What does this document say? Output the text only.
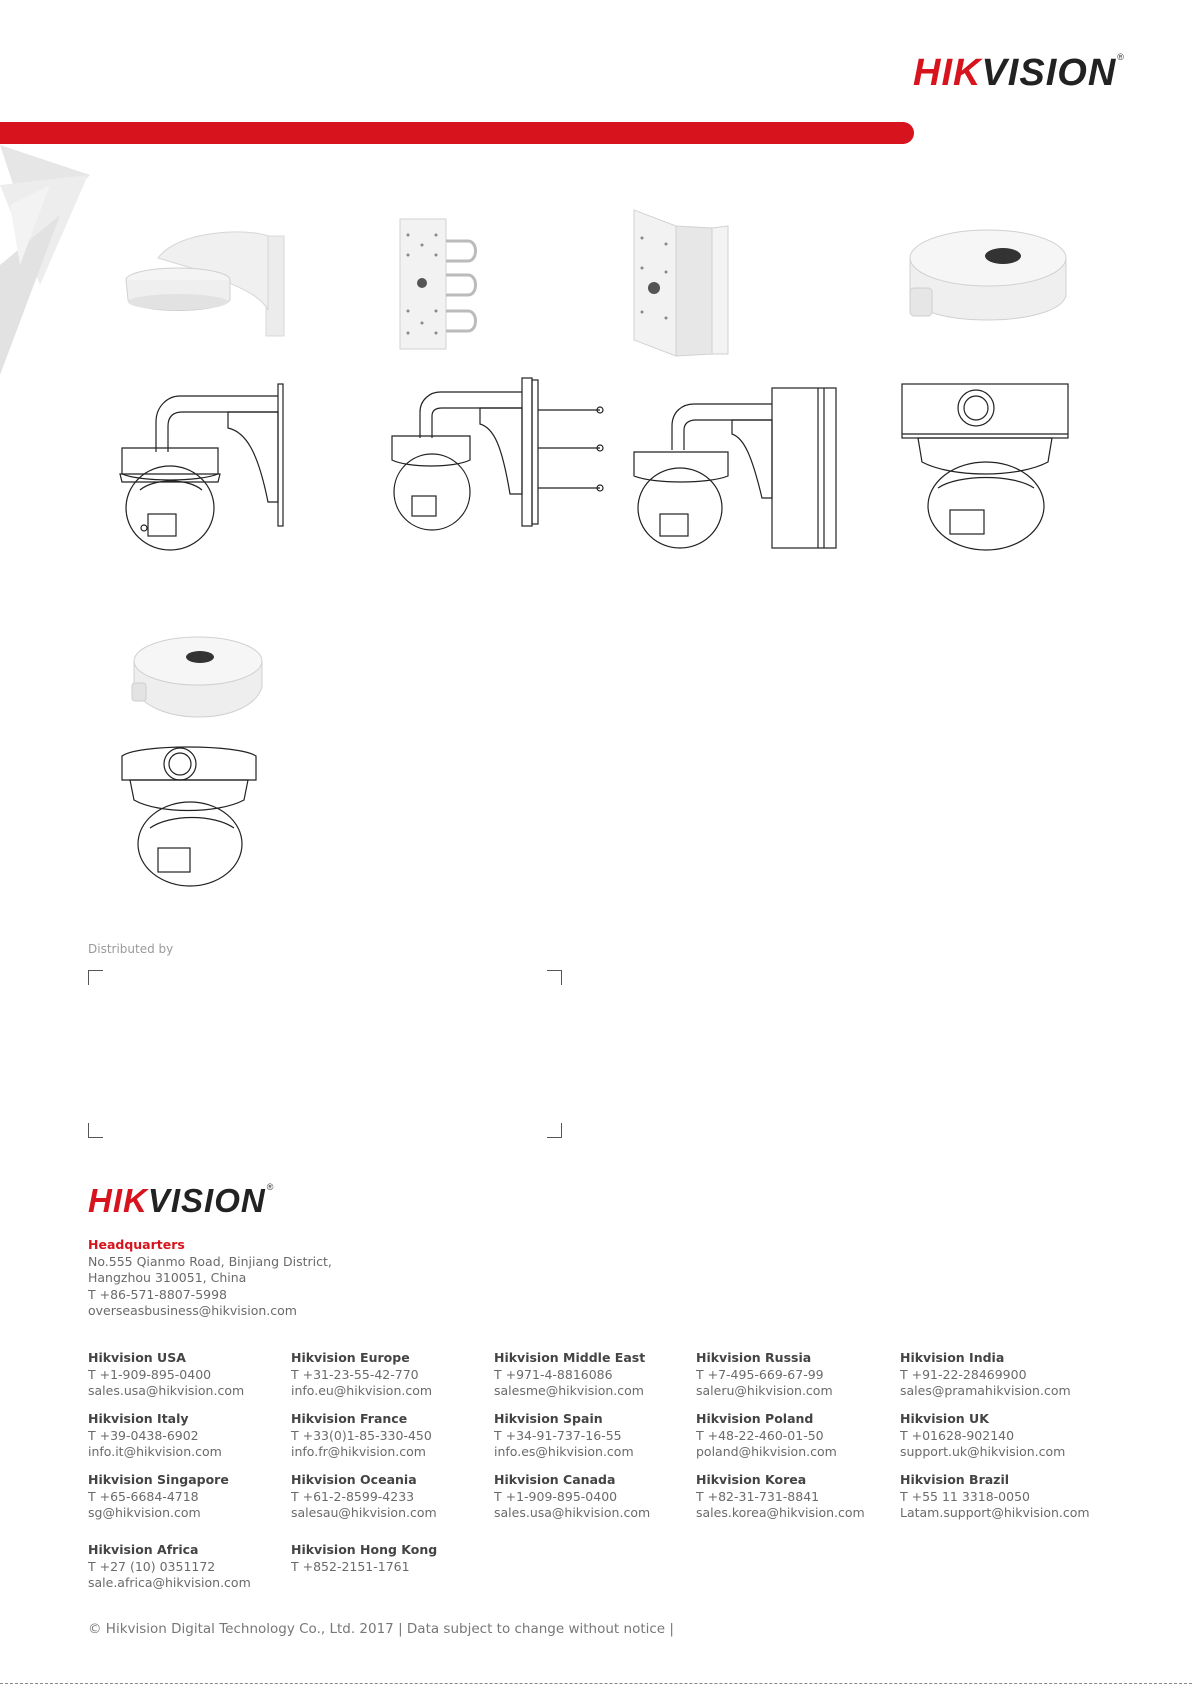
HIKVISION®
Distributed by
HIKVISION®
Headquarters
No.555 Qianmo Road, Binjiang District,
Hangzhou 310051, China
T +86-571-8807-5998
overseasbusiness@hikvision.com
Hikvision USA
T +1-909-895-0400
sales.usa@hikvision.com
Hikvision Europe
T +31-23-55-42-770
info.eu@hikvision.com
Hikvision Middle East
T +971-4-8816086
salesme@hikvision.com
Hikvision Russia
T +7-495-669-67-99
saleru@hikvision.com
Hikvision India
T +91-22-28469900
sales@pramahikvision.com
Hikvision Italy
T +39-0438-6902
info.it@hikvision.com
Hikvision France
T +33(0)1-85-330-450
info.fr@hikvision.com
Hikvision Spain
T +34-91-737-16-55
info.es@hikvision.com
Hikvision Poland
T +48-22-460-01-50
poland@hikvision.com
Hikvision UK
T +01628-902140
support.uk@hikvision.com
Hikvision Singapore
T +65-6684-4718
sg@hikvision.com
Hikvision Oceania
T +61-2-8599-4233
salesau@hikvision.com
Hikvision Canada
T +1-909-895-0400
sales.usa@hikvision.com
Hikvision Korea
T +82-31-731-8841
sales.korea@hikvision.com
Hikvision Brazil
T +55 11 3318-0050
Latam.support@hikvision.com
Hikvision Africa
T +27 (10) 0351172
sale.africa@hikvision.com
Hikvision Hong Kong
T +852-2151-1761
© Hikvision Digital Technology Co., Ltd. 2017 | Data subject to change without notice |
